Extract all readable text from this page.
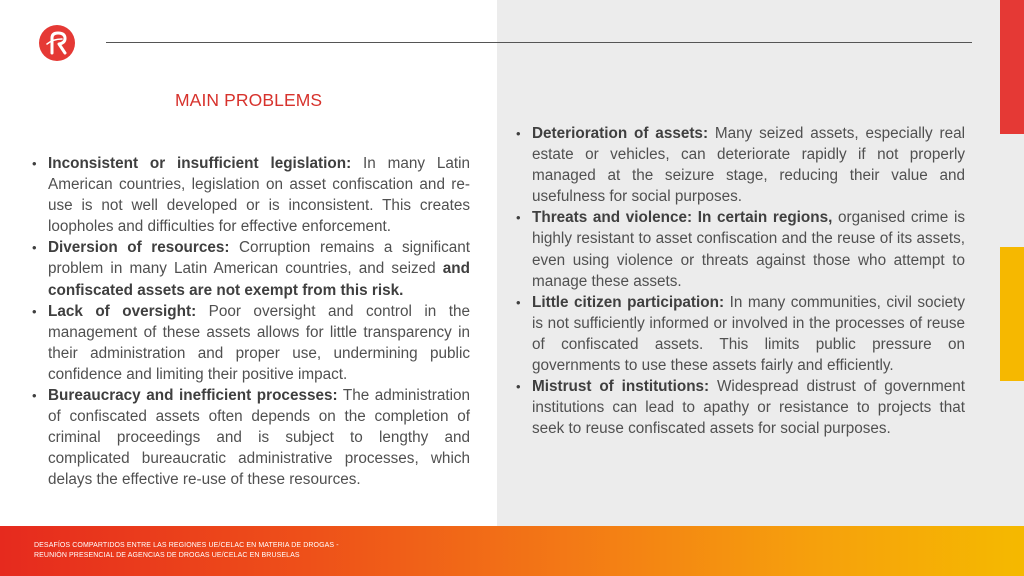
MAIN PROBLEMS
• Inconsistent or insufficient legislation: In many Latin American countries, legislation on asset confiscation and re-use is not well developed or is inconsistent. This creates loopholes and difficulties for effective enforcement.
• Diversion of resources: Corruption remains a significant problem in many Latin American countries, and seized and confiscated assets are not exempt from this risk.
• Lack of oversight: Poor oversight and control in the management of these assets allows for little transparency in their administration and proper use, undermining public confidence and limiting their positive impact.
• Bureaucracy and inefficient processes: The administration of confiscated assets often depends on the completion of criminal proceedings and is subject to lengthy and complicated bureaucratic administrative processes, which delays the effective re-use of these resources.
• Deterioration of assets: Many seized assets, especially real estate or vehicles, can deteriorate rapidly if not properly managed at the seizure stage, reducing their value and usefulness for social purposes.
• Threats and violence: In certain regions, organised crime is highly resistant to asset confiscation and the reuse of its assets, even using violence or threats against those who attempt to manage these assets.
• Little citizen participation: In many communities, civil society is not sufficiently informed or involved in the processes of reuse of confiscated assets. This limits public pressure on governments to use these assets fairly and efficiently.
• Mistrust of institutions: Widespread distrust of government institutions can lead to apathy or resistance to projects that seek to reuse confiscated assets for social purposes.
DESAFÍOS COMPARTIDOS ENTRE LAS REGIONES UE/CELAC EN MATERIA DE DROGAS -
REUNIÓN PRESENCIAL DE AGENCIAS DE DROGAS UE/CELAC EN BRUSELAS
